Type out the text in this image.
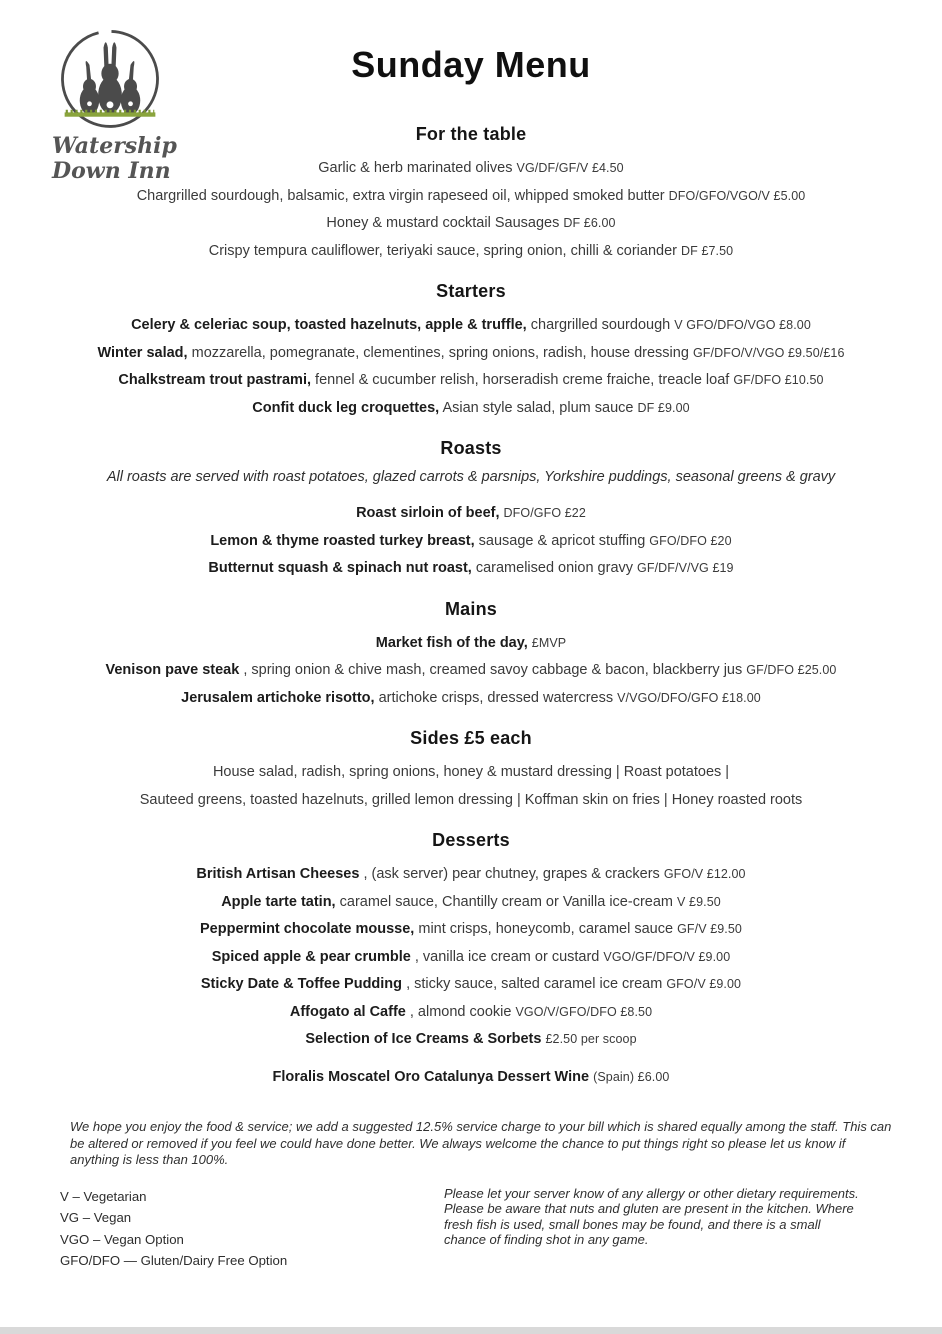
Watership
Down Inn
Sunday Menu
For the table

Garlic & herb marinated olives VG/DF/GF/V £4.50

Chargrilled sourdough, balsamic, extra virgin rapeseed oil, whipped smoked butter DFO/GFO/VGO/V £5.00

Honey & mustard cocktail Sausages DF £6.00

Crispy tempura cauliflower, teriyaki sauce, spring onion, chilli & coriander DF £7.50

Starters

Celery & celeriac soup, toasted hazelnuts, apple & truffle, chargrilled sourdough V GFO/DFO/VGO £8.00

Winter salad, mozzarella, pomegranate, clementines, spring onions, radish, house dressing GF/DFO/V/VGO £9.50/£16

Chalkstream trout pastrami, fennel & cucumber relish, horseradish creme fraiche, treacle loaf GF/DFO £10.50

Confit duck leg croquettes, Asian style salad, plum sauce DF £9.00

Roasts

All roasts are served with roast potatoes, glazed carrots & parsnips, Yorkshire puddings, seasonal greens & gravy

Roast sirloin of beef, DFO/GFO £22

Lemon & thyme roasted turkey breast, sausage & apricot stuffing GFO/DFO £20

Butternut squash & spinach nut roast, caramelised onion gravy GF/DF/V/VG £19

Mains

Market fish of the day, £MVP

Venison pave steak , spring onion & chive mash, creamed savoy cabbage & bacon, blackberry jus GF/DFO £25.00

Jerusalem artichoke risotto, artichoke crisps, dressed watercress V/VGO/DFO/GFO £18.00

Sides £5 each

House salad, radish, spring onions, honey & mustard dressing | Roast potatoes |

Sauteed greens, toasted hazelnuts, grilled lemon dressing | Koffman skin on fries | Honey roasted roots

Desserts

British Artisan Cheeses , (ask server) pear chutney, grapes & crackers GFO/V £12.00

Apple tarte tatin, caramel sauce, Chantilly cream or Vanilla ice-cream V £9.50

Peppermint chocolate mousse, mint crisps, honeycomb, caramel sauce GF/V £9.50

Spiced apple & pear crumble , vanilla ice cream or custard VGO/GF/DFO/V £9.00

Sticky Date & Toffee Pudding , sticky sauce, salted caramel ice cream GFO/V £9.00

Affogato al Caffe , almond cookie VGO/V/GFO/DFO £8.50

Selection of Ice Creams & Sorbets £2.50 per scoop

Floralis Moscatel Oro Catalunya Dessert Wine (Spain) £6.00

We hope you enjoy the food & service; we add a suggested 12.5% service charge to your bill which is shared equally among the staff. This can be altered or removed if you feel we could have done better. We always welcome the chance to put things right so please let us know if anything is less than 100%.

V – Vegetarian
VG – Vegan
VGO – Vegan Option
GFO/DFO — Gluten/Dairy Free Option

Please let your server know of any allergy or other dietary requirements. Please be aware that nuts and gluten are present in the kitchen. Where fresh fish is used, small bones may be found, and there is a small chance of finding shot in any game.
